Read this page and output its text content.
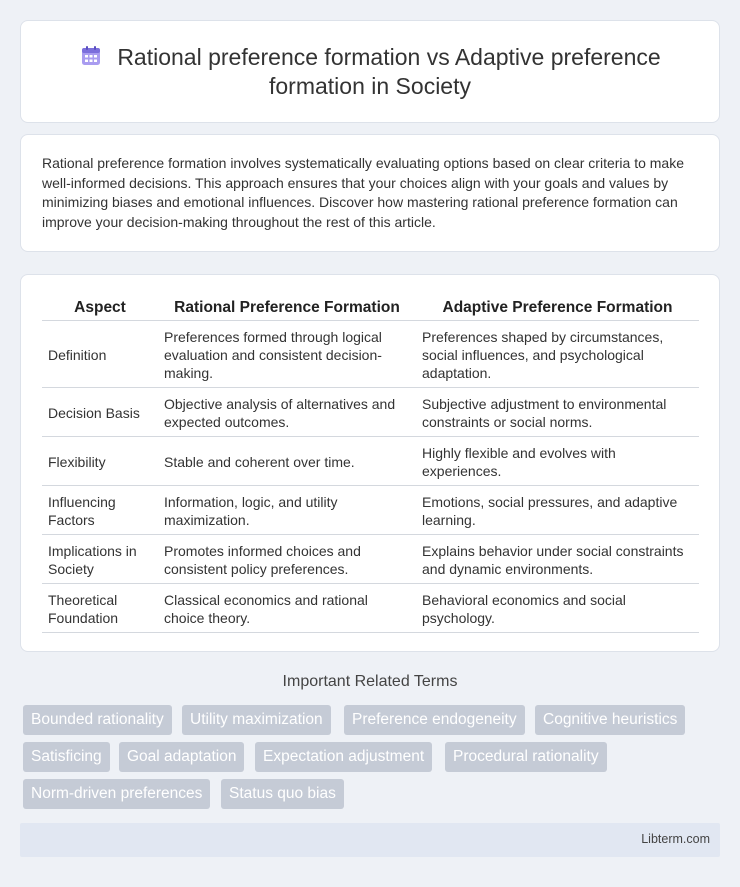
Rational preference formation vs Adaptive preference formation in Society

Rational preference formation involves systematically evaluating options based on clear criteria to make well-informed decisions. This approach ensures that your choices align with your goals and values by minimizing biases and emotional influences. Discover how mastering rational preference formation can improve your decision-making throughout the rest of this article.

Aspect	Rational Preference Formation	Adaptive Preference Formation
Definition	Preferences formed through logical evaluation and consistent decision-making.	Preferences shaped by circumstances, social influences, and psychological adaptation.
Decision Basis	Objective analysis of alternatives and expected outcomes.	Subjective adjustment to environmental constraints or social norms.
Flexibility	Stable and coherent over time.	Highly flexible and evolves with experiences.
Influencing Factors	Information, logic, and utility maximization.	Emotions, social pressures, and adaptive learning.
Implications in Society	Promotes informed choices and consistent policy preferences.	Explains behavior under social constraints and dynamic environments.
Theoretical Foundation	Classical economics and rational choice theory.	Behavioral economics and social psychology.
Important Related Terms
Bounded rationality	Utility maximization	Preference endogeneity	Cognitive heuristics
Satisficing	Goal adaptation	Expectation adjustment	Procedural rationality
Norm-driven preferences	Status quo bias
Libterm.com
